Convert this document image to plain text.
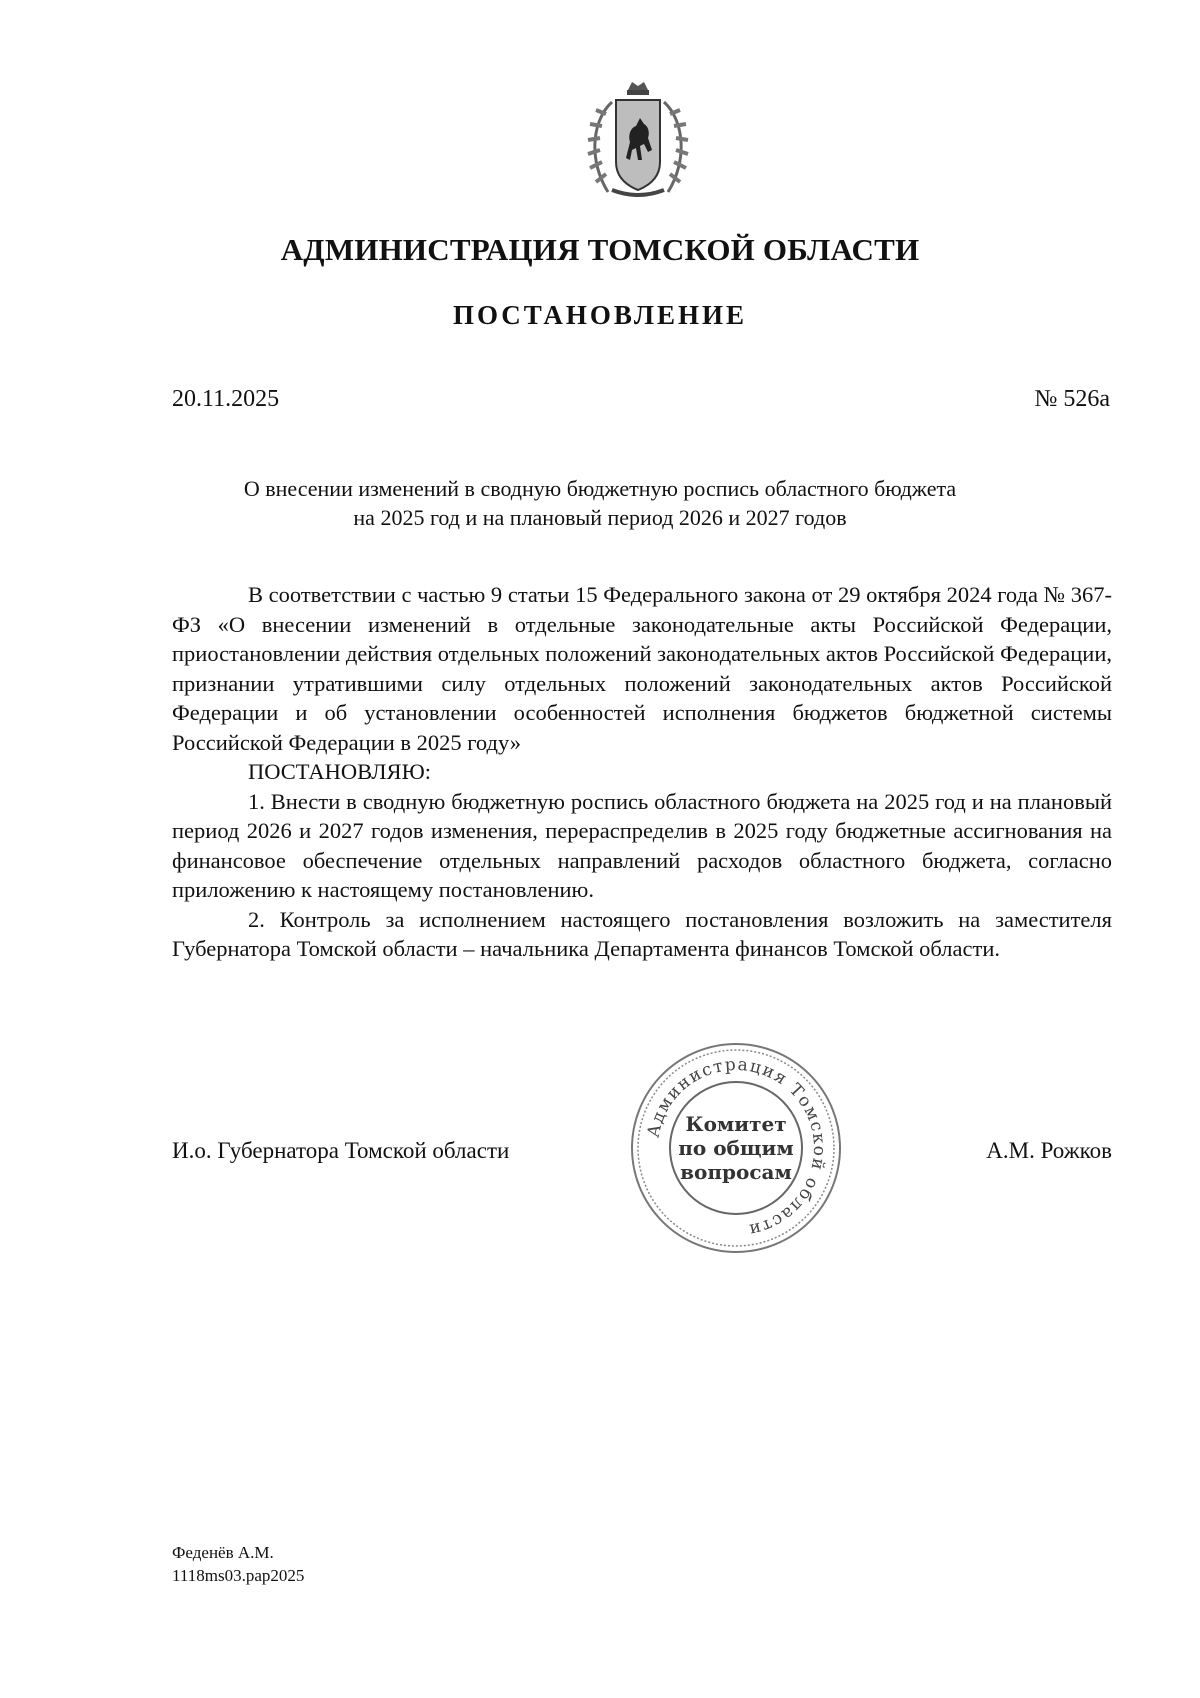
АДМИНИСТРАЦИЯ ТОМСКОЙ ОБЛАСТИ
ПОСТАНОВЛЕНИЕ
20.11.2025	№ 526а
О внесении изменений в сводную бюджетную роспись областного бюджета
на 2025 год и на плановый период 2026 и 2027 годов

В соответствии с частью 9 статьи 15 Федерального закона от 29 октября 2024 года № 367-ФЗ «О внесении изменений в отдельные законодательные акты Российской Федерации, приостановлении действия отдельных положений законодательных актов Российской Федерации, признании утратившими силу отдельных положений законодательных актов Российской Федерации и об установлении особенностей исполнения бюджетов бюджетной системы Российской Федерации в 2025 году»

ПОСТАНОВЛЯЮ:

1. Внести в сводную бюджетную роспись областного бюджета на 2025 год и на плановый период 2026 и 2027 годов изменения, перераспределив в 2025 году бюджетные ассигнования на финансовое обеспечение отдельных направлений расходов областного бюджета, согласно приложению к настоящему постановлению.

2. Контроль за исполнением настоящего постановления возложить на заместителя Губернатора Томской области – начальника Департамента финансов Томской области.

И.о. Губернатора Томской области	А.М. Рожков
Администрация Томской области
Комитет
по общим
вопросам
Феденёв А.М.
1118ms03.pap2025
